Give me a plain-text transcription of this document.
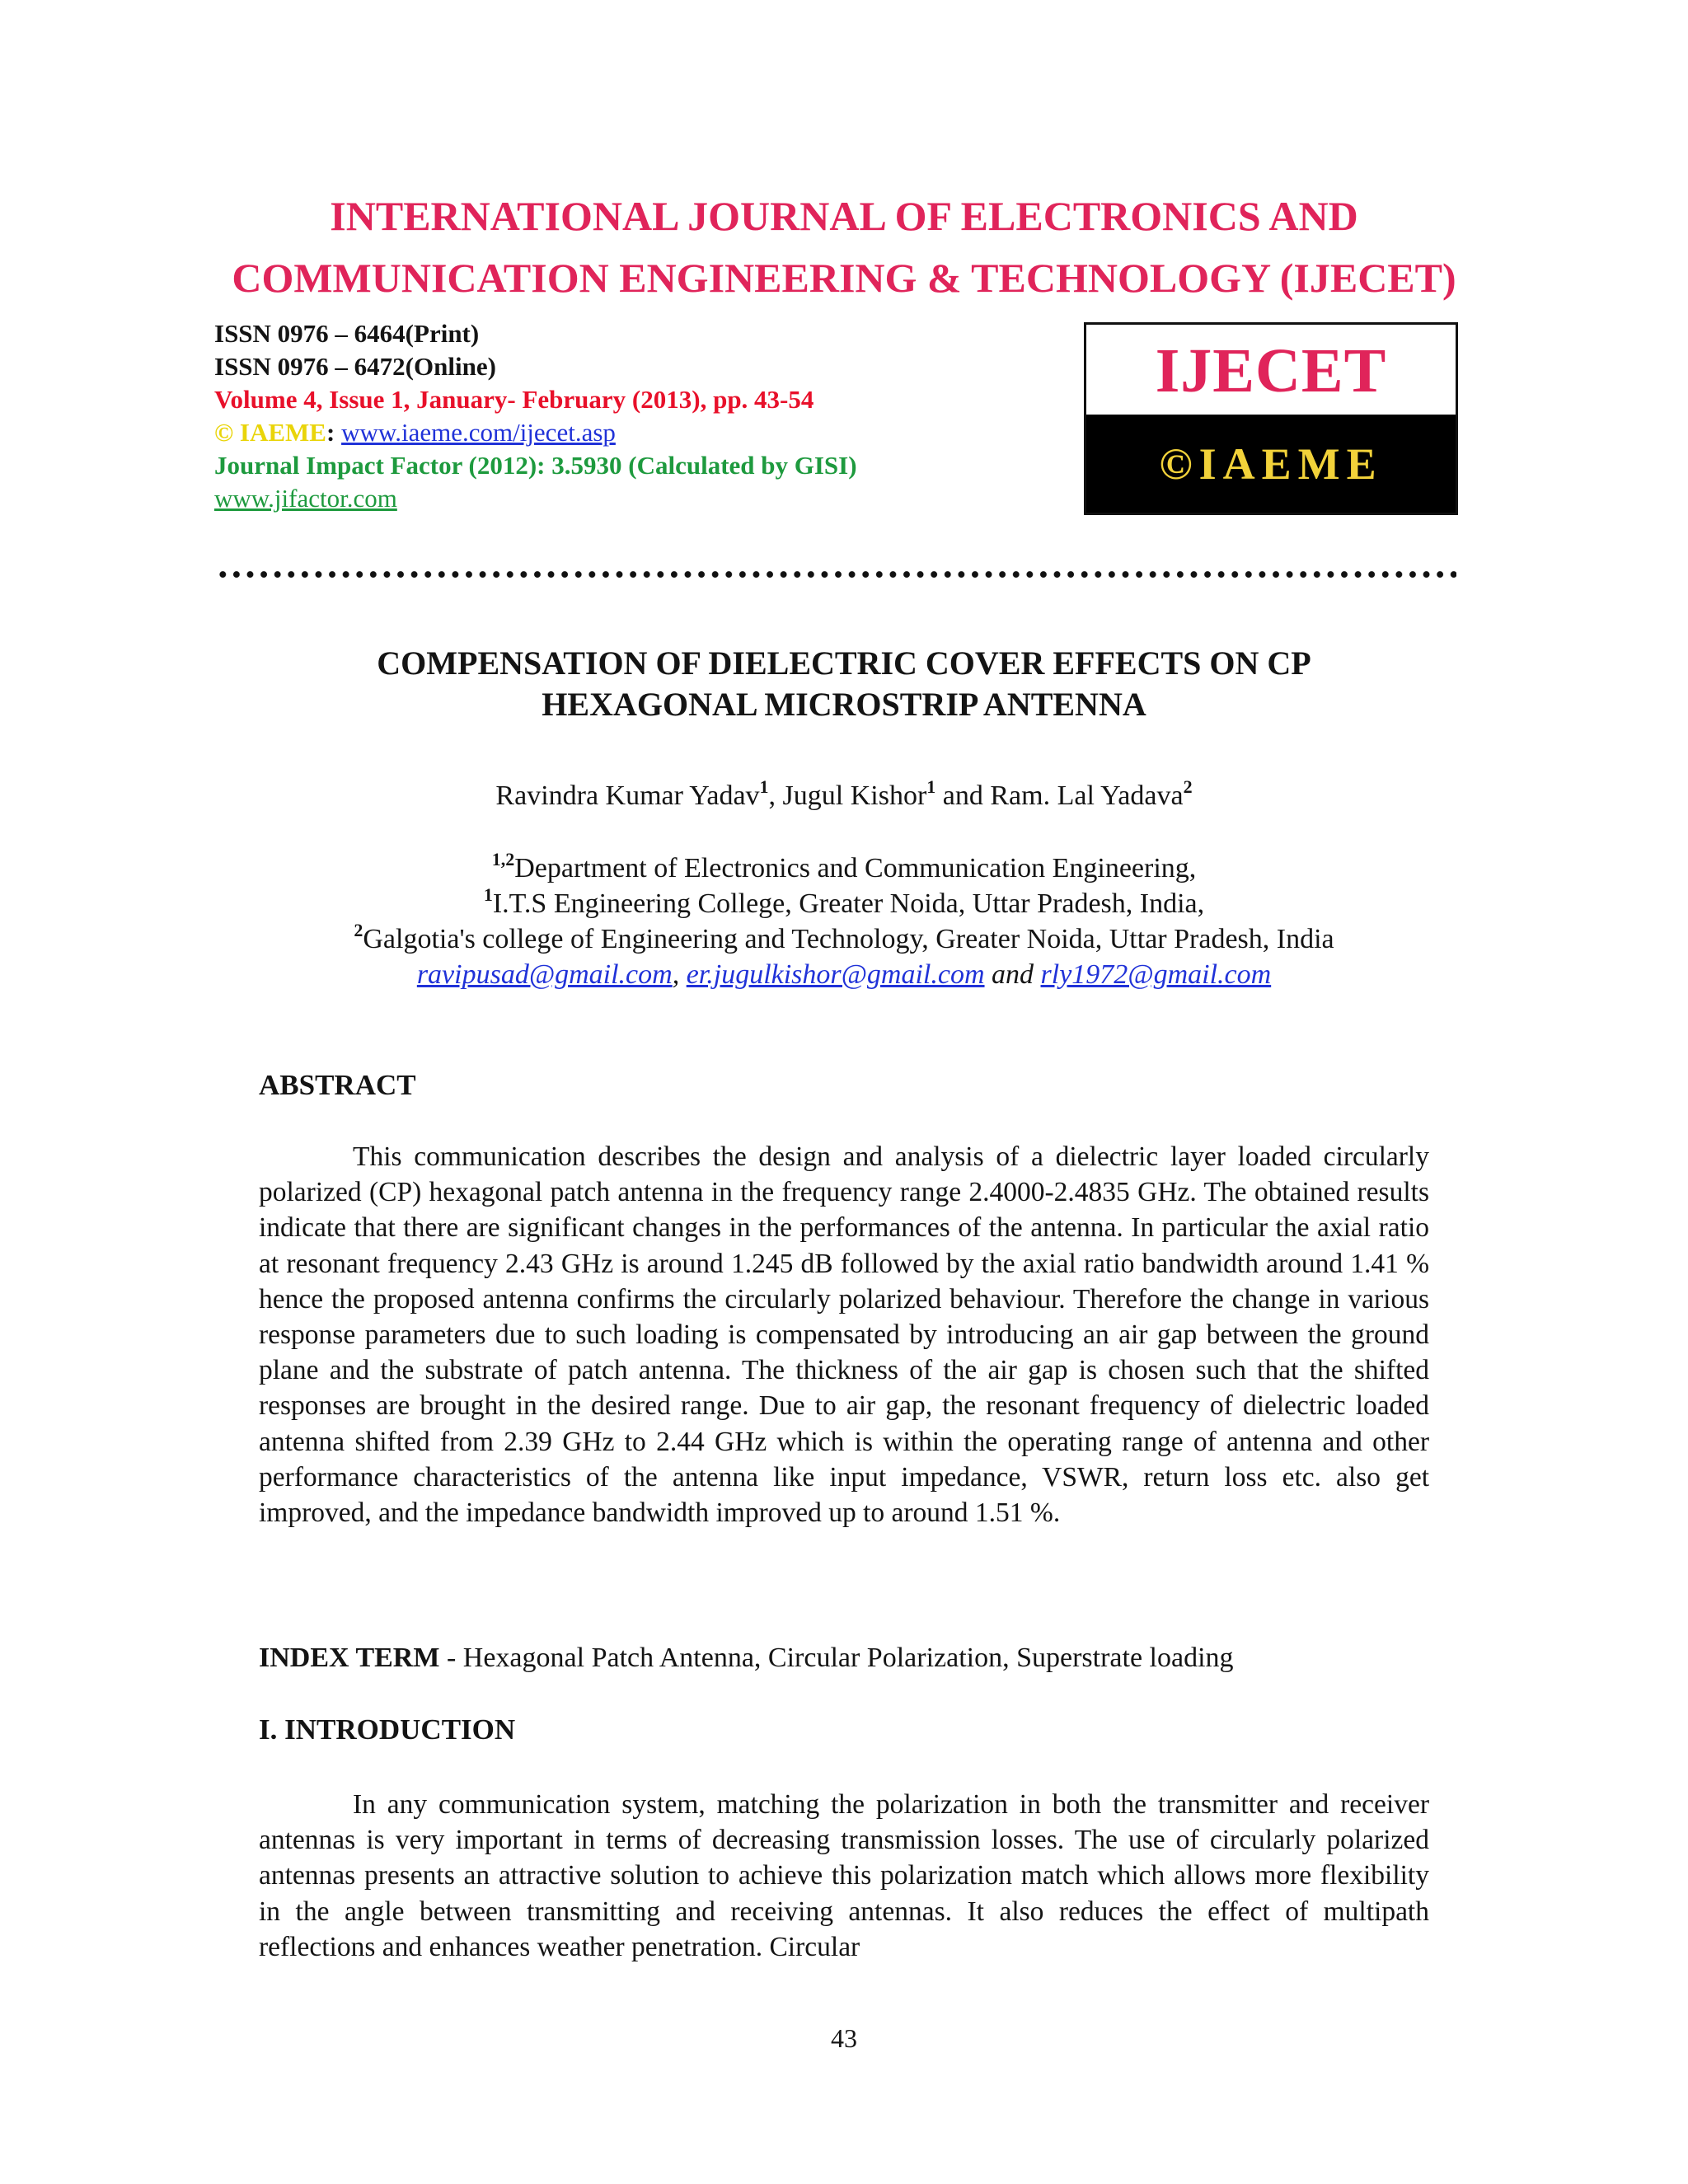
INTERNATIONAL JOURNAL OF ELECTRONICS AND
COMMUNICATION ENGINEERING & TECHNOLOGY (IJECET)
ISSN 0976 – 6464(Print)
ISSN 0976 – 6472(Online)
Volume 4, Issue 1, January- February (2013), pp. 43-54
© IAEME: www.iaeme.com/ijecet.asp
Journal Impact Factor (2012): 3.5930 (Calculated by GISI)
www.jifactor.com
IJECET
©IAEME
COMPENSATION OF DIELECTRIC COVER EFFECTS ON CP
HEXAGONAL MICROSTRIP ANTENNA
Ravindra Kumar Yadav$^1$, Jugul Kishor$^1$ and Ram. Lal Yadava$^2$
$^{1,2}$Department of Electronics and Communication Engineering,
$^1$I.T.S Engineering College, Greater Noida, Uttar Pradesh, India,
$^2$Galgotia's college of Engineering and Technology, Greater Noida, Uttar Pradesh, India
ravipusad@gmail.com, er.jugulkishor@gmail.com and rly1972@gmail.com
ABSTRACT
This communication describes the design and analysis of a dielectric layer loaded circularly polarized (CP) hexagonal patch antenna in the frequency range 2.4000-2.4835 GHz. The obtained results indicate that there are significant changes in the performances of the antenna. In particular the axial ratio at resonant frequency 2.43 GHz is around 1.245 dB followed by the axial ratio bandwidth around 1.41 % hence the proposed antenna confirms the circularly polarized behaviour. Therefore the change in various response parameters due to such loading is compensated by introducing an air gap between the ground plane and the substrate of patch antenna. The thickness of the air gap is chosen such that the shifted responses are brought in the desired range. Due to air gap, the resonant frequency of dielectric loaded antenna shifted from 2.39 GHz to 2.44 GHz which is within the operating range of antenna and other performance characteristics of the antenna like input impedance, VSWR, return loss etc. also get improved, and the impedance bandwidth improved up to around 1.51 %.
INDEX TERM - Hexagonal Patch Antenna, Circular Polarization, Superstrate loading
I. INTRODUCTION
In any communication system, matching the polarization in both the transmitter and receiver antennas is very important in terms of decreasing transmission losses. The use of circularly polarized antennas presents an attractive solution to achieve this polarization match which allows more flexibility in the angle between transmitting and receiving antennas. It also reduces the effect of multipath reflections and enhances weather penetration. Circular
43
